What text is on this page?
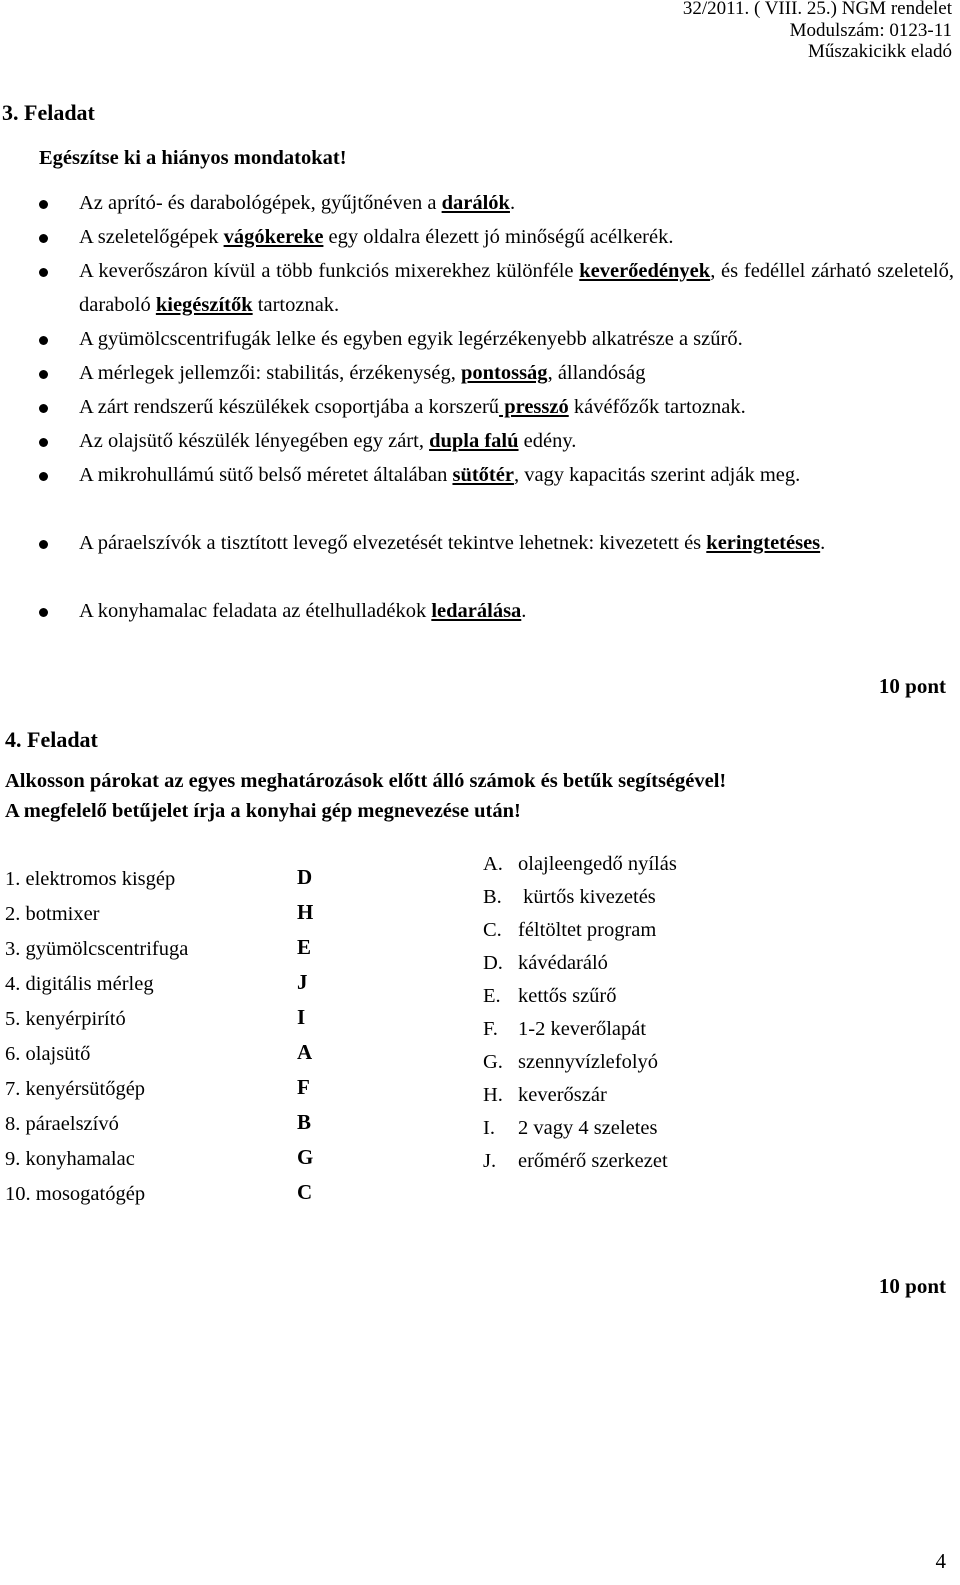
32/2011. ( VIII. 25.) NGM rendelet
Modulszám: 0123-11
Műszakicikk eladó
3. Feladat
Egészítse ki a hiányos mondatokat!
Az aprító- és darabológépek, gyűjtőnéven a darálók.
A szeletelőgépek vágókereke egy oldalra élezett jó minőségű acélkerék.
A keverőszáron kívül a több funkciós mixerekhez különféle keverőedények, és fedéllel zárható szeletelő, daraboló kiegészítők tartoznak.
A gyümölcscentrifugák lelke és egyben egyik legérzékenyebb alkatrésze a szűrő.
A mérlegek jellemzői: stabilitás, érzékenység, pontosság, állandóság
A zárt rendszerű készülékek csoportjába a korszerű presszó kávéfőzők tartoznak.
Az olajsütő készülék lényegében egy zárt, dupla falú edény.
A mikrohullámú sütő belső méretet általában sütőtér, vagy kapacitás szerint adják meg.
A páraelszívók a tisztított levegő elvezetését tekintve lehetnek: kivezetett és keringtetéses.
A konyhamalac feladata az ételhulladékok ledarálása.
10 pont
4. Feladat
Alkosson párokat az egyes meghatározások előtt álló számok és betűk segítségével!
A megfelelő betűjelet írja a konyhai gép megnevezése után!
1. elektromos kisgép	D
2. botmixer	H
3. gyümölcscentrifuga	E
4. digitális mérleg	J
5. kenyérpirító	I
6. olajsütő	A
7. kenyérsütőgép	F
8. páraelszívó	B
9. konyhamalac	G
10. mosogatógép	C
A. olajleengedő nyílás
B. kürtős kivezetés
C. féltöltet program
D. kávédaráló
E. kettős szűrő
F. 1-2 keverőlapát
G. szennyvízlefolyó
H. keverőszár
I. 2 vagy 4 szeletes
J. erőmérő szerkezet
10 pont
4
